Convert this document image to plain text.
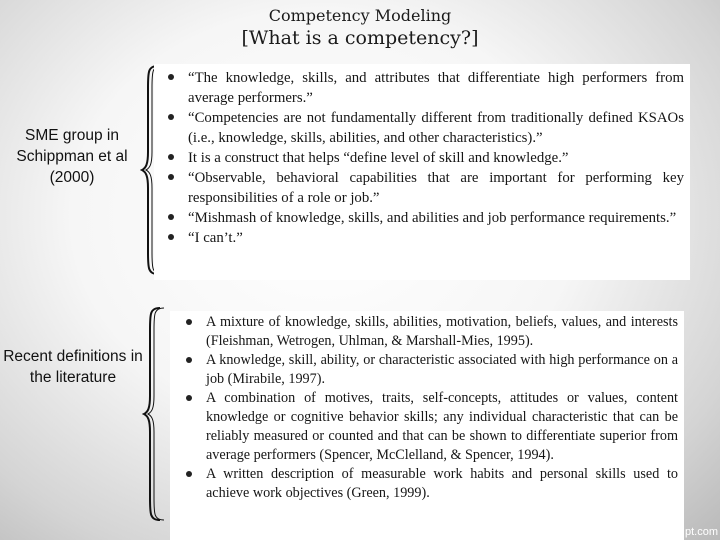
Competency Modeling
[What is a competency?]
SME group in Schippman et al (2000)
“The knowledge, skills, and attributes that differentiate high performers from average performers.”
“Competencies are not fundamentally different from traditionally defined KSAOs (i.e., knowledge, skills, abilities, and other characteristics).”
It is a construct that helps “define level of skill and knowledge.”
“Observable, behavioral capabilities that are important for performing key responsibilities of a role or job.”
“Mishmash of knowledge, skills, and abilities and job performance requirements.”
“I can’t.”
Recent definitions in the literature
A mixture of knowledge, skills, abilities, motivation, beliefs, values, and interests (Fleishman, Wetrogen, Uhlman, & Marshall-Mies, 1995).
A knowledge, skill, ability, or characteristic associated with high performance on a job (Mirabile, 1997).
A combination of motives, traits, self-concepts, attitudes or values, content knowledge or cognitive behavior skills; any individual characteristic that can be reliably measured or counted and that can be shown to differentiate superior from average performers (Spencer, McClelland, & Spencer, 1994).
A written description of measurable work habits and personal skills used to achieve work objectives (Green, 1999).
pt.com
